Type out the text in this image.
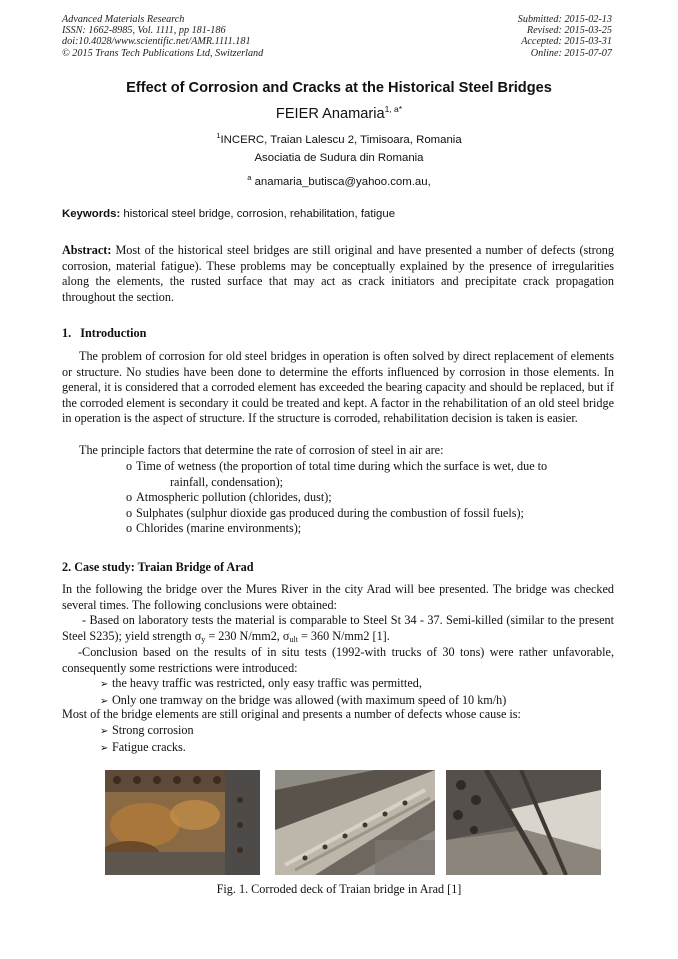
Advanced Materials Research
ISSN: 1662-8985, Vol. 1111, pp 181-186
doi:10.4028/www.scientific.net/AMR.1111.181
© 2015 Trans Tech Publications Ltd, Switzerland
Submitted: 2015-02-13
Revised: 2015-03-25
Accepted: 2015-03-31
Online: 2015-07-07
Effect of Corrosion and Cracks at the Historical Steel Bridges
FEIER Anamaria$^{1, a*}$
$^1$INCERC, Traian Lalescu 2, Timisoara, Romania
Asociatia de Sudura din Romania
$^a$ anamaria_butisca@yahoo.com.au,
Keywords: historical steel bridge, corrosion, rehabilitation, fatigue
Abstract: Most of the historical steel bridges are still original and have presented a number of defects (strong corrosion, material fatigue). These problems may be conceptually explained by the presence of irregularities along the elements, the rusted surface that may act as crack initiators and precipitate crack propagation throughout the section.
1.   Introduction
The problem of corrosion for old steel bridges in operation is often solved by direct replacement of elements or structure. No studies have been done to determine the efforts influenced by corrosion in those elements. In general, it is considered that a corroded element has exceeded the bearing capacity and should be replaced, but if the corroded element is secondary it could be treated and kept. A factor in the rehabilitation of an old steel bridge in operation is the aspect of structure. If the structure is corroded, rehabilitation decision is taken is easier.
The principle factors that determine the rate of corrosion of steel in air are:
o Time of wetness (the proportion of total time during which the surface is wet, due to
rainfall, condensation);
o Atmospheric pollution (chlorides, dust);
o Sulphates (sulphur dioxide gas produced during the combustion of fossil fuels);
o Chlorides (marine environments);
2. Case study: Traian Bridge of Arad
In the following the bridge over the Mures River in the city Arad will bee presented. The bridge was checked several times. The following conclusions were obtained:
- Based on laboratory tests the material is comparable to Steel St 34 - 37. Semi-killed (similar to the present Steel S235); yield strength $\sigma_y = 230$ N/mm2, $\sigma_{ult} = 360$ N/mm2 [1].
-Conclusion based on the results of in situ tests (1992-with trucks of 30 tons) were rather unfavorable, consequently some restrictions were introduced:
➢ the heavy traffic was restricted, only easy traffic was permitted,
➢ Only one tramway on the bridge was allowed (with maximum speed of 10 km/h)
Most of the bridge elements are still original and presents a number of defects whose cause is:
➢ Strong corrosion
➢ Fatigue cracks.
Fig. 1. Corroded deck of Traian bridge in Arad [1]
